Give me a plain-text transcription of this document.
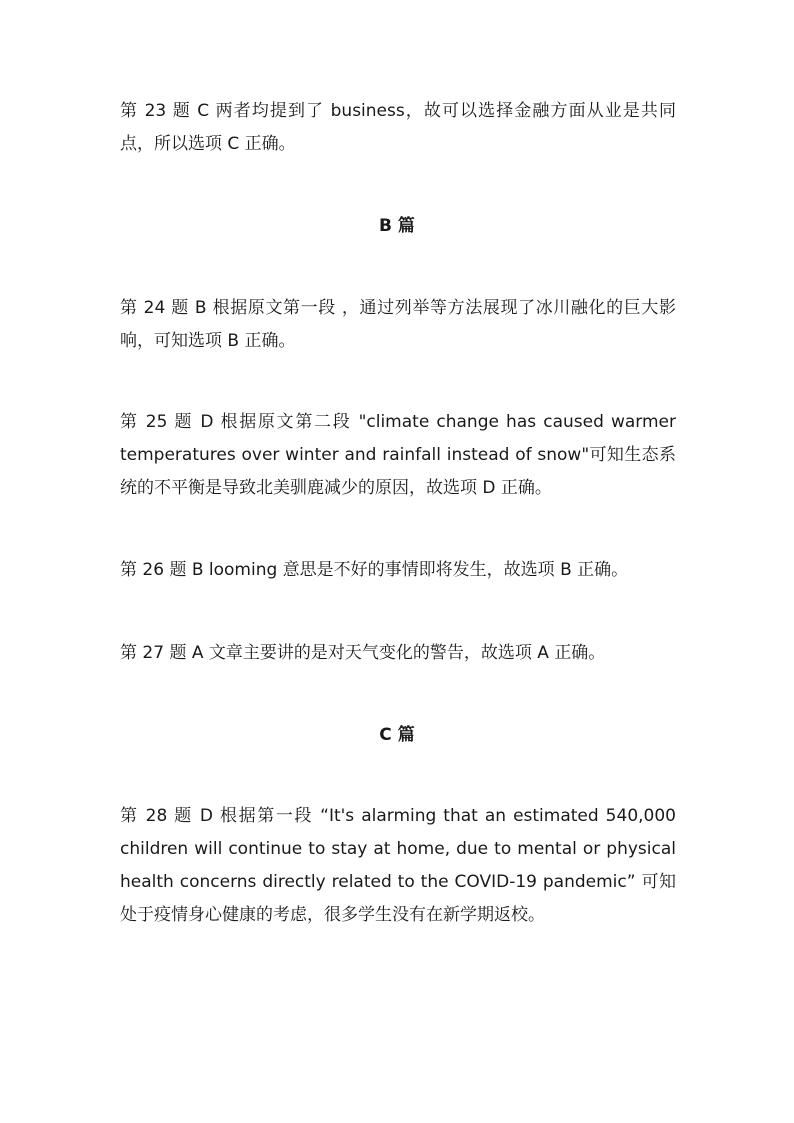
第 23 题 C 两者均提到了 business，故可以选择金融方面从业是共同点，所以选项 C 正确。

B 篇

第 24 题 B 根据原文第一段 ，通过列举等方法展现了冰川融化的巨大影响，可知选项 B 正确。

第 25 题 D 根据原文第二段 "climate change has caused warmer temperatures over winter and rainfall instead of snow"可知生态系统的不平衡是导致北美驯鹿减少的原因，故选项 D 正确。

第 26 题 B looming 意思是不好的事情即将发生，故选项 B 正确。

第 27 题 A 文章主要讲的是对天气变化的警告，故选项 A 正确。

C 篇

第 28 题 D 根据第一段 “It's alarming that an estimated 540,000 children will continue to stay at home, due to mental or physical health concerns directly related to the COVID-19 pandemic” 可知处于疫情身心健康的考虑，很多学生没有在新学期返校。
